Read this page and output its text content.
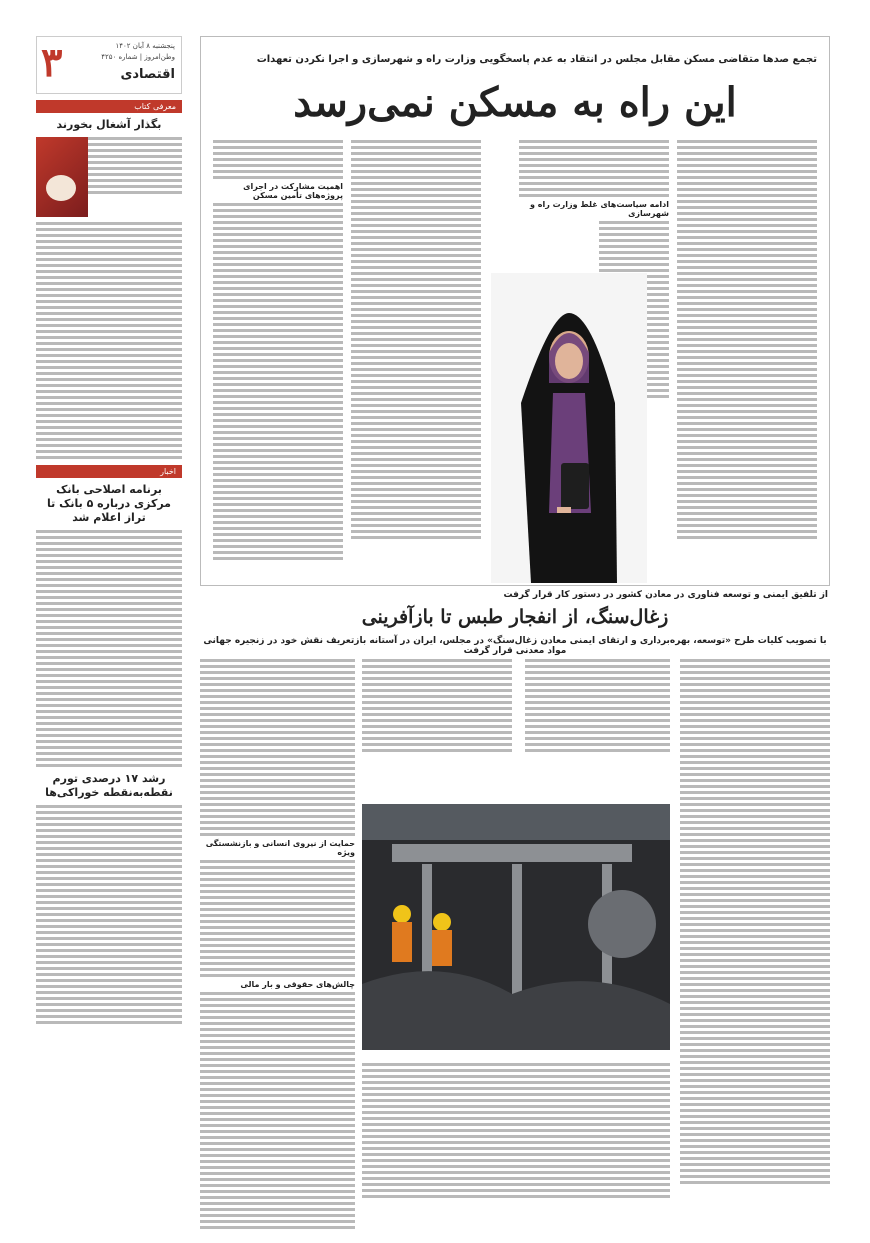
۳	پنجشنبه ۸ آبان ۱۴۰۲
وطن‌امروز | شماره ۴۲۵۰
اقتصادی
معرفی کتاب
بگذار آشغال بخورند
اخبار
برنامه اصلاحی بانک مرکزی درباره ۵ بانک تا تراز اعلام شد
رشد ۱۷ درصدی تورم نقطه‌به‌نقطه خوراکی‌ها
تجمع صدها متقاضی مسکن مقابل مجلس در انتقاد به عدم پاسخگویی وزارت راه و شهرسازی و اجرا نکردن تعهدات
این راه به مسکن نمی‌رسد
ادامه سیاست‌های غلط وزارت راه و شهرسازی
اهمیت مشارکت در اجرای پروژه‌های تأمین مسکن
از تلفیق ایمنی و توسعه فناوری در معادن کشور در دستور کار قرار گرفت
زغال‌سنگ، از انفجار طبس تا بازآفرینی
با تصویب کلیات طرح «توسعه، بهره‌برداری و ارتقای ایمنی معادن زغال‌سنگ» در مجلس، ایران در آستانه بازتعریف نقش خود در زنجیره جهانی مواد معدنی قرار گرفت
حمایت از نیروی انسانی و بازنشستگی ویژه
چالش‌های حقوقی و بار مالی
